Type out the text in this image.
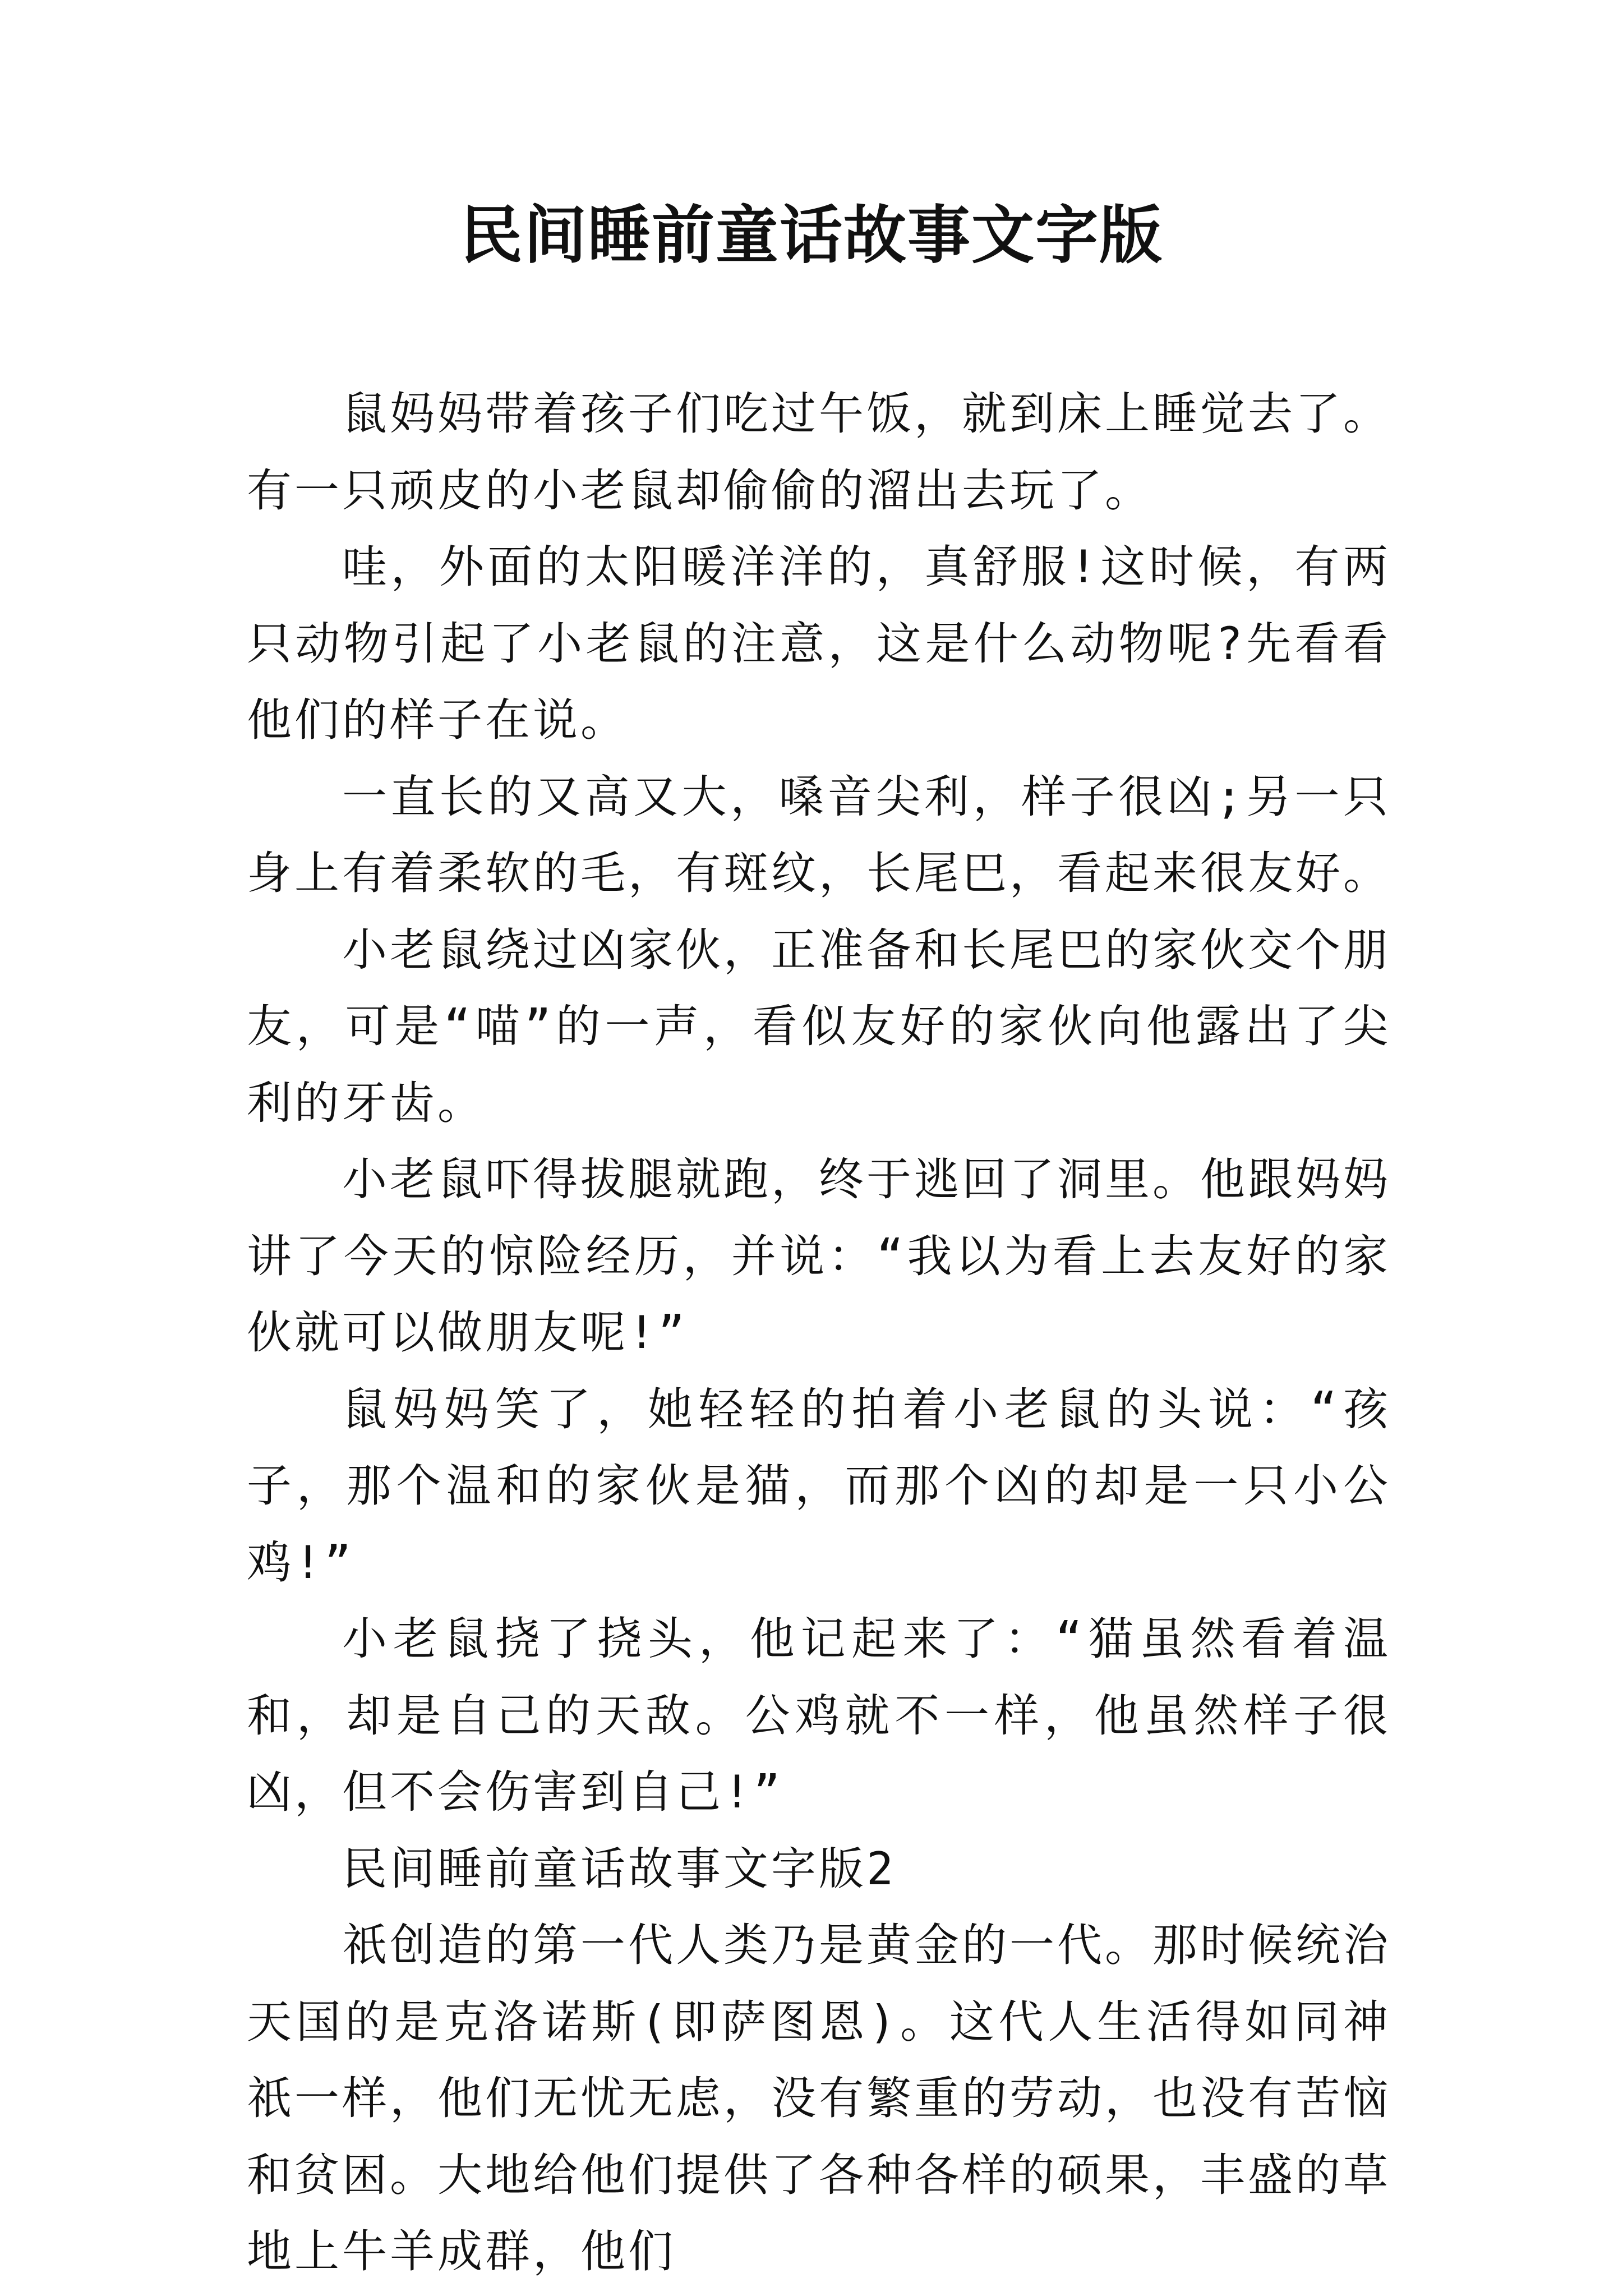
民间睡前童话故事文字版

鼠妈妈带着孩子们吃过午饭，就到床上睡觉去了。有一只顽皮的小老鼠却偷偷的溜出去玩了。

哇，外面的太阳暖洋洋的，真舒服!这时候，有两只动物引起了小老鼠的注意，这是什么动物呢?先看看他们的样子在说。

一直长的又高又大，嗓音尖利，样子很凶;另一只身上有着柔软的毛，有斑纹，长尾巴，看起来很友好。

小老鼠绕过凶家伙，正准备和长尾巴的家伙交个朋友，可是“喵”的一声，看似友好的家伙向他露出了尖利的牙齿。

小老鼠吓得拔腿就跑，终于逃回了洞里。他跟妈妈讲了今天的惊险经历，并说：“我以为看上去友好的家伙就可以做朋友呢!”

鼠妈妈笑了，她轻轻的拍着小老鼠的头说：“孩子，那个温和的家伙是猫，而那个凶的却是一只小公鸡!”

小老鼠挠了挠头，他记起来了：“猫虽然看着温和，却是自己的天敌。公鸡就不一样，他虽然样子很凶，但不会伤害到自己!”

民间睡前童话故事文字版2

祇创造的第一代人类乃是黄金的一代。那时候统治天国的是克洛诺斯(即萨图恩)。这代人生活得如同神祇一样，他们无忧无虑，没有繁重的劳动，也没有苦恼和贫困。大地给他们提供了各种各样的硕果，丰盛的草地上牛羊成群，他们
